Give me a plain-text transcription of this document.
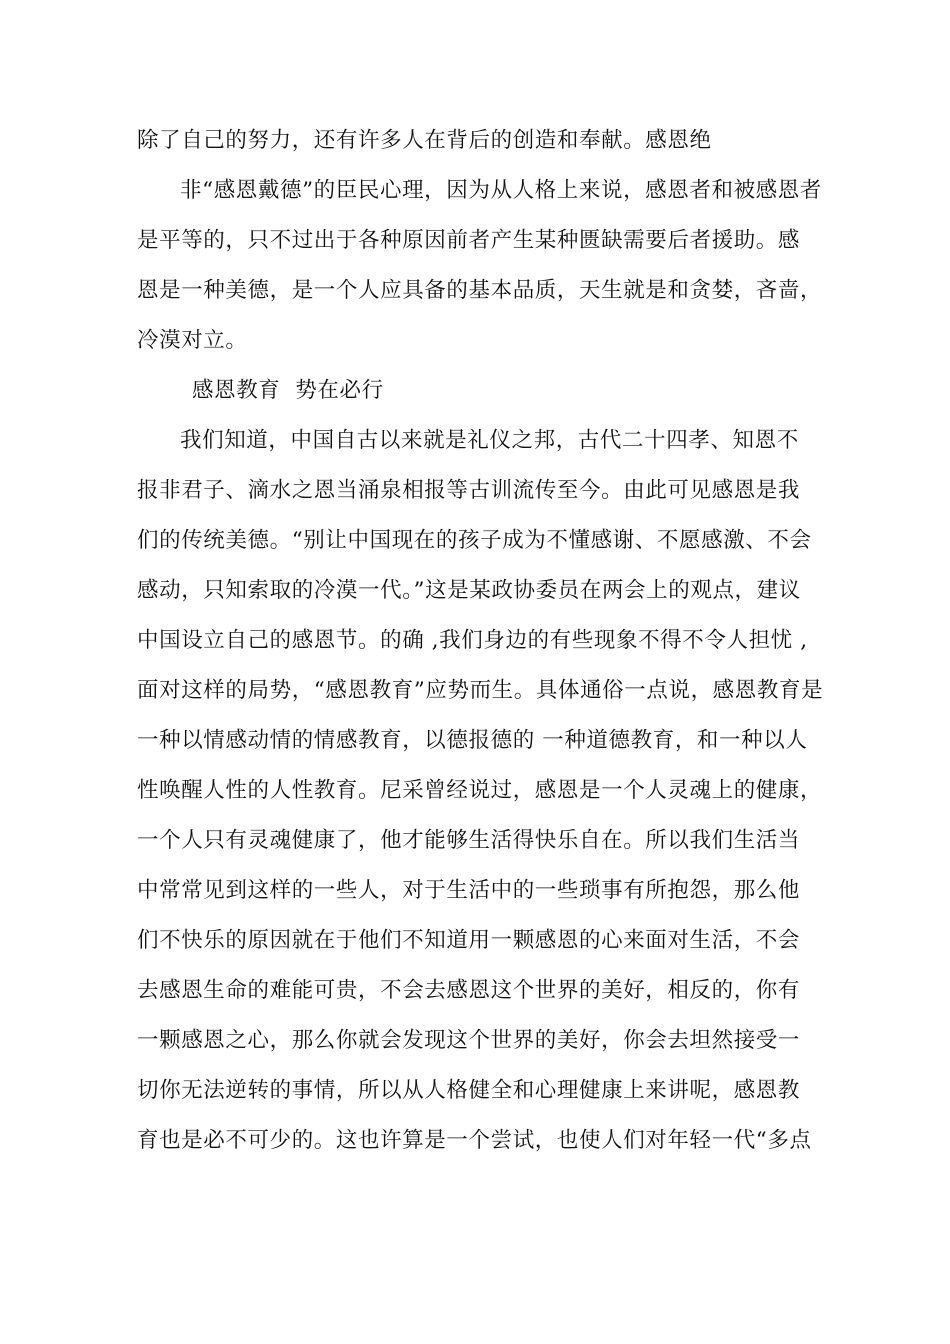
除了自己的努力，还有许多人在背后的创造和奉献。感恩绝
非“感恩戴德”的臣民心理，因为从人格上来说，感恩者和被感恩者
是平等的，只不过出于各种原因前者产生某种匮缺需要后者援助。感
恩是一种美德，是一个人应具备的基本品质，天生就是和贪婪，吝啬，
冷漠对立。
感恩教育  势在必行
我们知道，中国自古以来就是礼仪之邦，古代二十四孝、知恩不
报非君子、滴水之恩当涌泉相报等古训流传至今。由此可见感恩是我
们的传统美德。“别让中国现在的孩子成为不懂感谢、不愿感激、不会
感动，只知索取的冷漠一代。”这是某政协委员在两会上的观点，建议
中国设立自己的感恩节。的确 ,我们身边的有些现象不得不令人担忧 ,
面对这样的局势，“感恩教育”应势而生。具体通俗一点说，感恩教育是
一种以情感动情的情感教育，以德报德的 一种道德教育，和一种以人
性唤醒人性的人性教育。尼采曾经说过，感恩是一个人灵魂上的健康，
一个人只有灵魂健康了，他才能够生活得快乐自在。所以我们生活当
中常常见到这样的一些人，对于生活中的一些琐事有所抱怨，那么他
们不快乐的原因就在于他们不知道用一颗感恩的心来面对生活，不会
去感恩生命的难能可贵，不会去感恩这个世界的美好，相反的，你有
一颗感恩之心，那么你就会发现这个世界的美好，你会去坦然接受一
切你无法逆转的事情，所以从人格健全和心理健康上来讲呢，感恩教
育也是必不可少的。这也许算是一个尝试，也使人们对年轻一代“多点
